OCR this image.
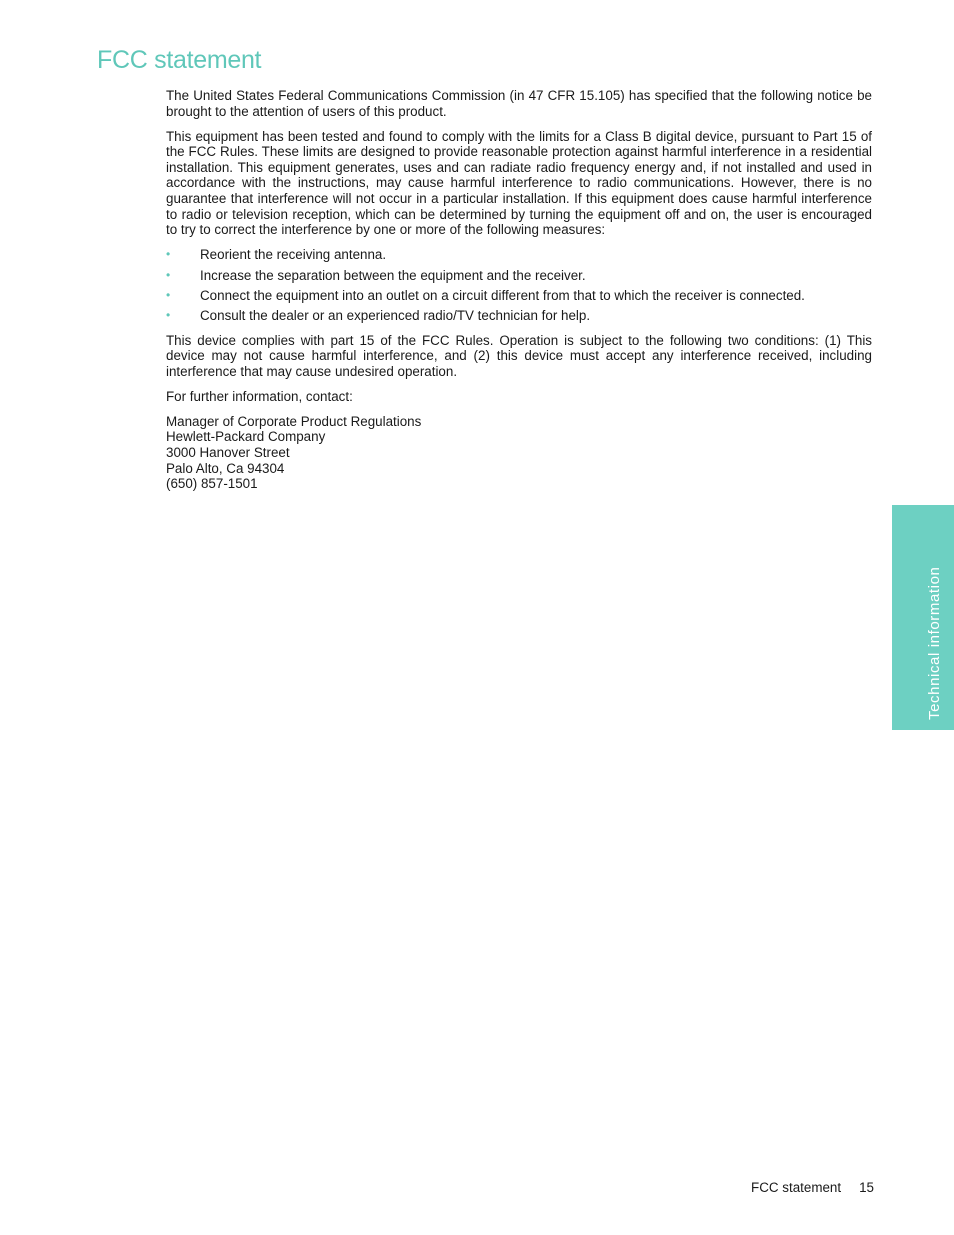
FCC statement

The United States Federal Communications Commission (in 47 CFR 15.105) has specified that the following notice be brought to the attention of users of this product.

This equipment has been tested and found to comply with the limits for a Class B digital device, pursuant to Part 15 of the FCC Rules. These limits are designed to provide reasonable protection against harmful interference in a residential installation. This equipment generates, uses and can radiate radio frequency energy and, if not installed and used in accordance with the instructions, may cause harmful interference to radio communications. However, there is no guarantee that interference will not occur in a particular installation. If this equipment does cause harmful interference to radio or television reception, which can be determined by turning the equipment off and on, the user is encouraged to try to correct the interference by one or more of the following measures:

• Reorient the receiving antenna.
• Increase the separation between the equipment and the receiver.
• Connect the equipment into an outlet on a circuit different from that to which the receiver is connected.
• Consult the dealer or an experienced radio/TV technician for help.

This device complies with part 15 of the FCC Rules. Operation is subject to the following two conditions: (1) This device may not cause harmful interference, and (2) this device must accept any interference received, including interference that may cause undesired operation.

For further information, contact:

Manager of Corporate Product Regulations

Hewlett-Packard Company

3000 Hanover Street

Palo Alto, Ca 94304

(650) 857-1501

Technical information
FCC statement 15
